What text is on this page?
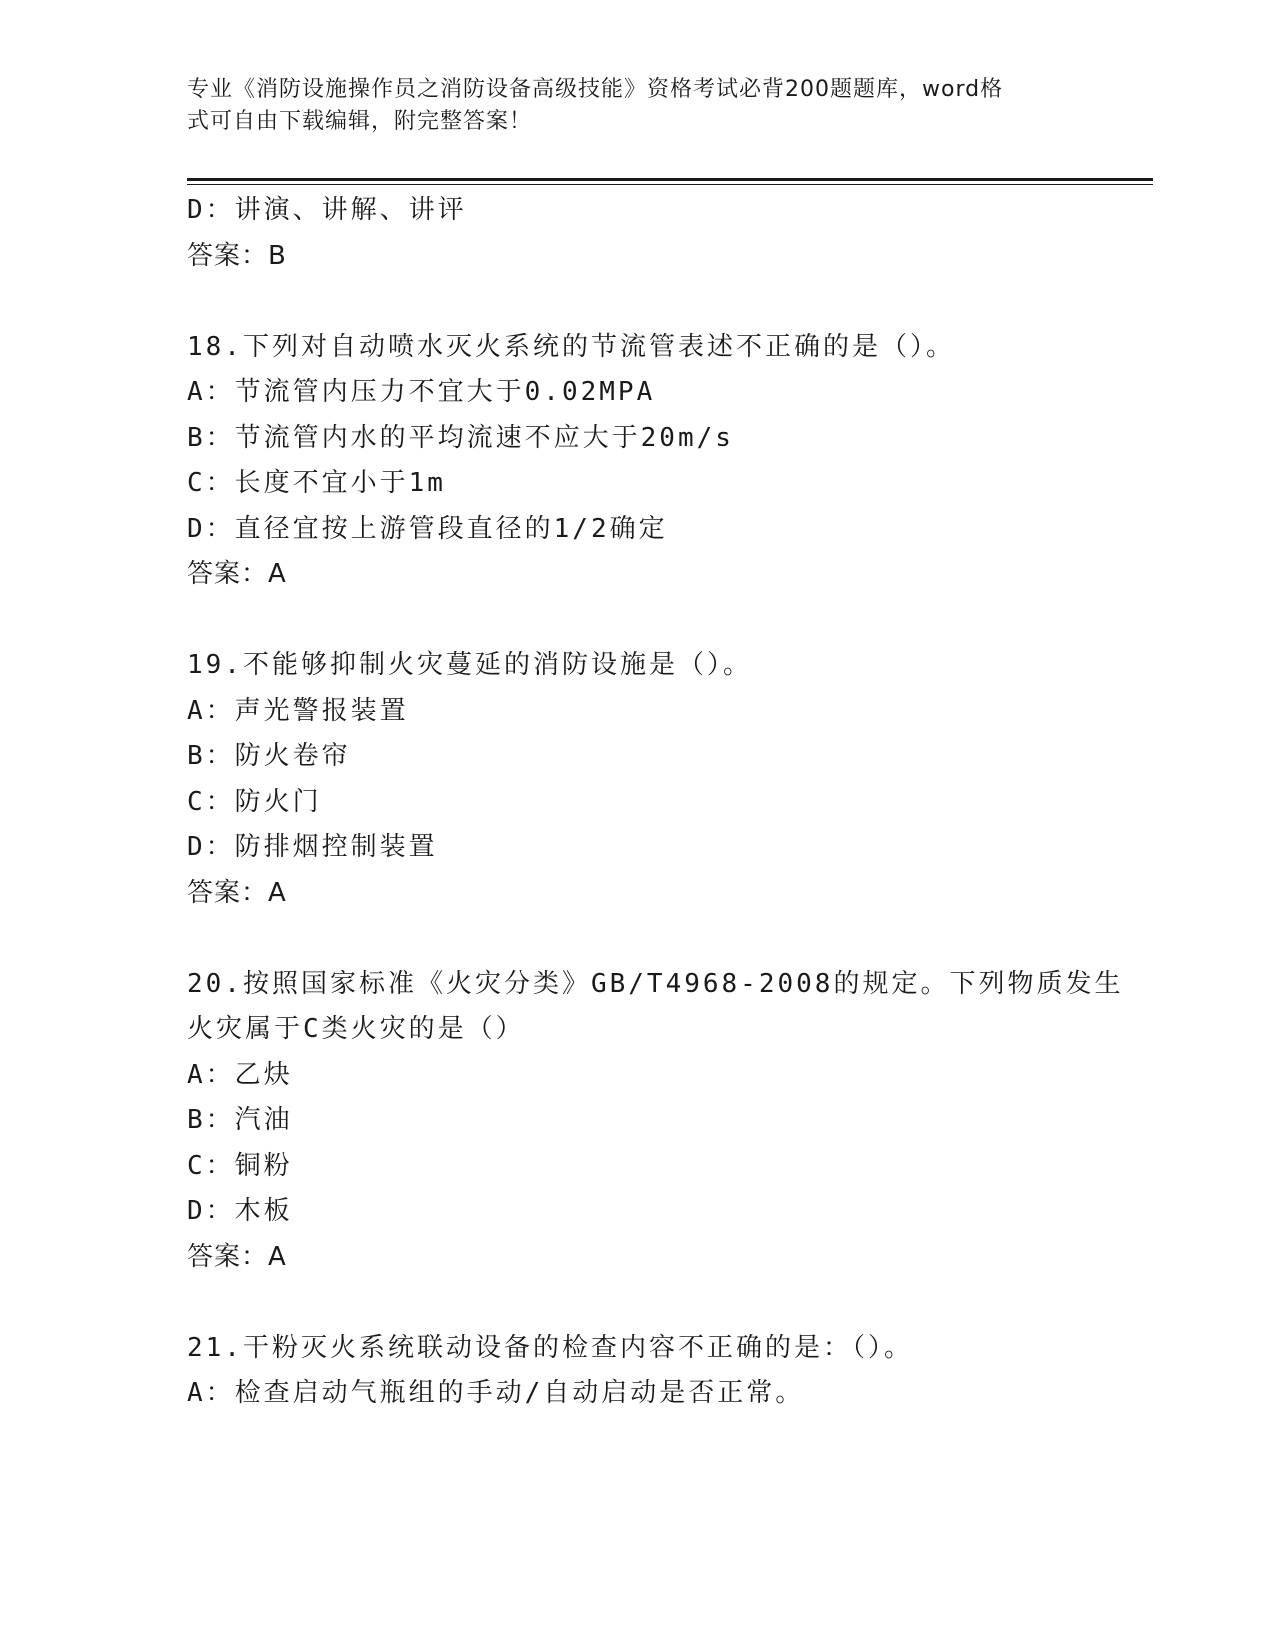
专业《消防设施操作员之消防设备高级技能》资格考试必背200题题库，word格
式可自由下载编辑，附完整答案！
D：讲演、讲解、讲评
答案：B
18.下列对自动喷水灭火系统的节流管表述不正确的是（）。
A：节流管内压力不宜大于0.02MPA
B：节流管内水的平均流速不应大于20m/s
C：长度不宜小于1m
D：直径宜按上游管段直径的1/2确定
答案：A
19.不能够抑制火灾蔓延的消防设施是（）。
A：声光警报装置
B：防火卷帘
C：防火门
D：防排烟控制装置
答案：A
20.按照国家标准《火灾分类》GB/T4968-2008的规定。下列物质发生
火灾属于C类火灾的是（）
A：乙炔
B：汽油
C：铜粉
D：木板
答案：A
21.干粉灭火系统联动设备的检查内容不正确的是：（）。
A：检查启动气瓶组的手动/自动启动是否正常。
